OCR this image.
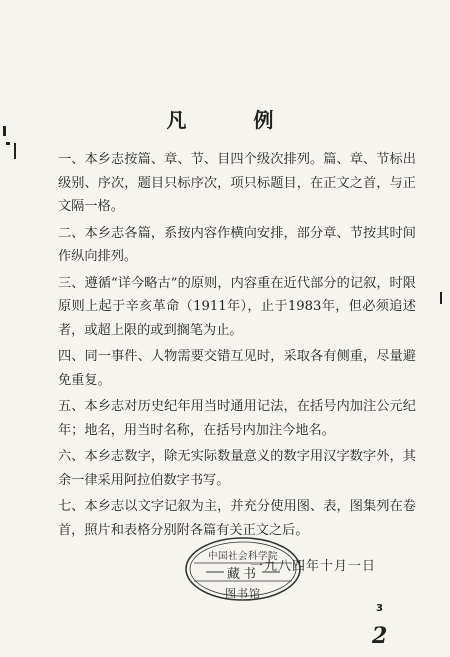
凡 例
一、本乡志按篇、章、节、目四个级次排列。篇、章、节标出级别、序次，题目只标序次，项只标题目，在正文之首，与正文隔一格。
二、本乡志各篇，系按内容作横向安排，部分章、节按其时间作纵向排列。
三、遵循“详今略古”的原则，内容重在近代部分的记叙，时限原则上起于辛亥革命（1911年），止于1983年，但必须追述者，或超上限的或到搁笔为止。
四、同一事件、人物需要交错互见时，采取各有侧重，尽量避免重复。
五、本乡志对历史纪年用当时通用记法，在括号内加注公元纪年；地名，用当时名称，在括号内加注今地名。
六、本乡志数字，除无实际数量意义的数字用汉字数字外，其余一律采用阿拉伯数字书写。
一九八四年十月一日
中国社会科学院
藏书
图书馆
3
2
七、本乡志以文字记叙为主，并充分使用图、表，图集列在卷首，照片和表格分别附各篇有关正文之后。
